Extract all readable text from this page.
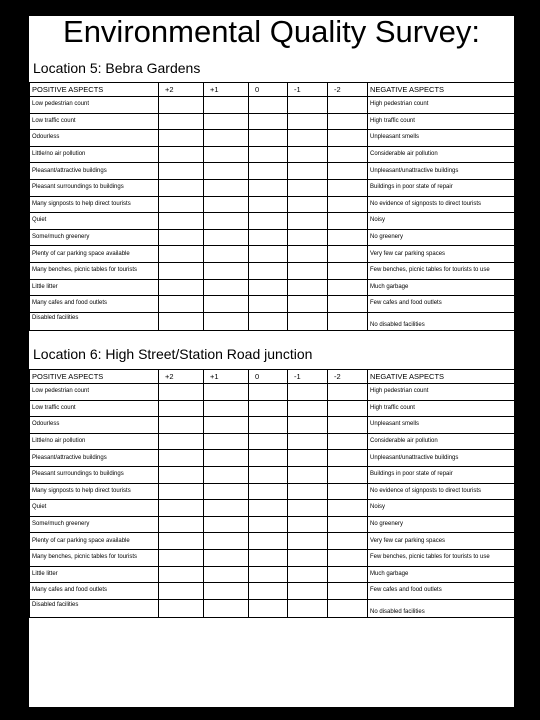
Environmental Quality Survey:
Location 5: Bebra Gardens
POSITIVE ASPECTS	+2	+1	0	-1	-2	NEGATIVE ASPECTS
Low pedestrian count						High pedestrian count
Low traffic count						High traffic count
Odourless						Unpleasant smells
Little/no air pollution						Considerable air pollution
Pleasant/attractive buildings						Unpleasant/unattractive buildings
Pleasant surroundings to buildings						Buildings in poor state of repair
Many signposts to help direct tourists						No evidence of signposts to direct tourists
Quiet						Noisy
Some/much greenery						No greenery
Plenty of car parking space available						Very few car parking spaces
Many benches, picnic tables for tourists						Few benches, picnic tables for tourists to use
Little litter						Much garbage
Many cafes and food outlets						Few cafes and food outlets
Disabled facilities						No disabled facilities
Location 6: High Street/Station Road junction
POSITIVE ASPECTS	+2	+1	0	-1	-2	NEGATIVE ASPECTS
Low pedestrian count						High pedestrian count
Low traffic count						High traffic count
Odourless						Unpleasant smells
Little/no air pollution						Considerable air pollution
Pleasant/attractive buildings						Unpleasant/unattractive buildings
Pleasant surroundings to buildings						Buildings in poor state of repair
Many signposts to help direct tourists						No evidence of signposts to direct tourists
Quiet						Noisy
Some/much greenery						No greenery
Plenty of car parking space available						Very few car parking spaces
Many benches, picnic tables for tourists						Few benches, picnic tables for tourists to use
Little litter						Much garbage
Many cafes and food outlets						Few cafes and food outlets
Disabled facilities						No disabled facilities
